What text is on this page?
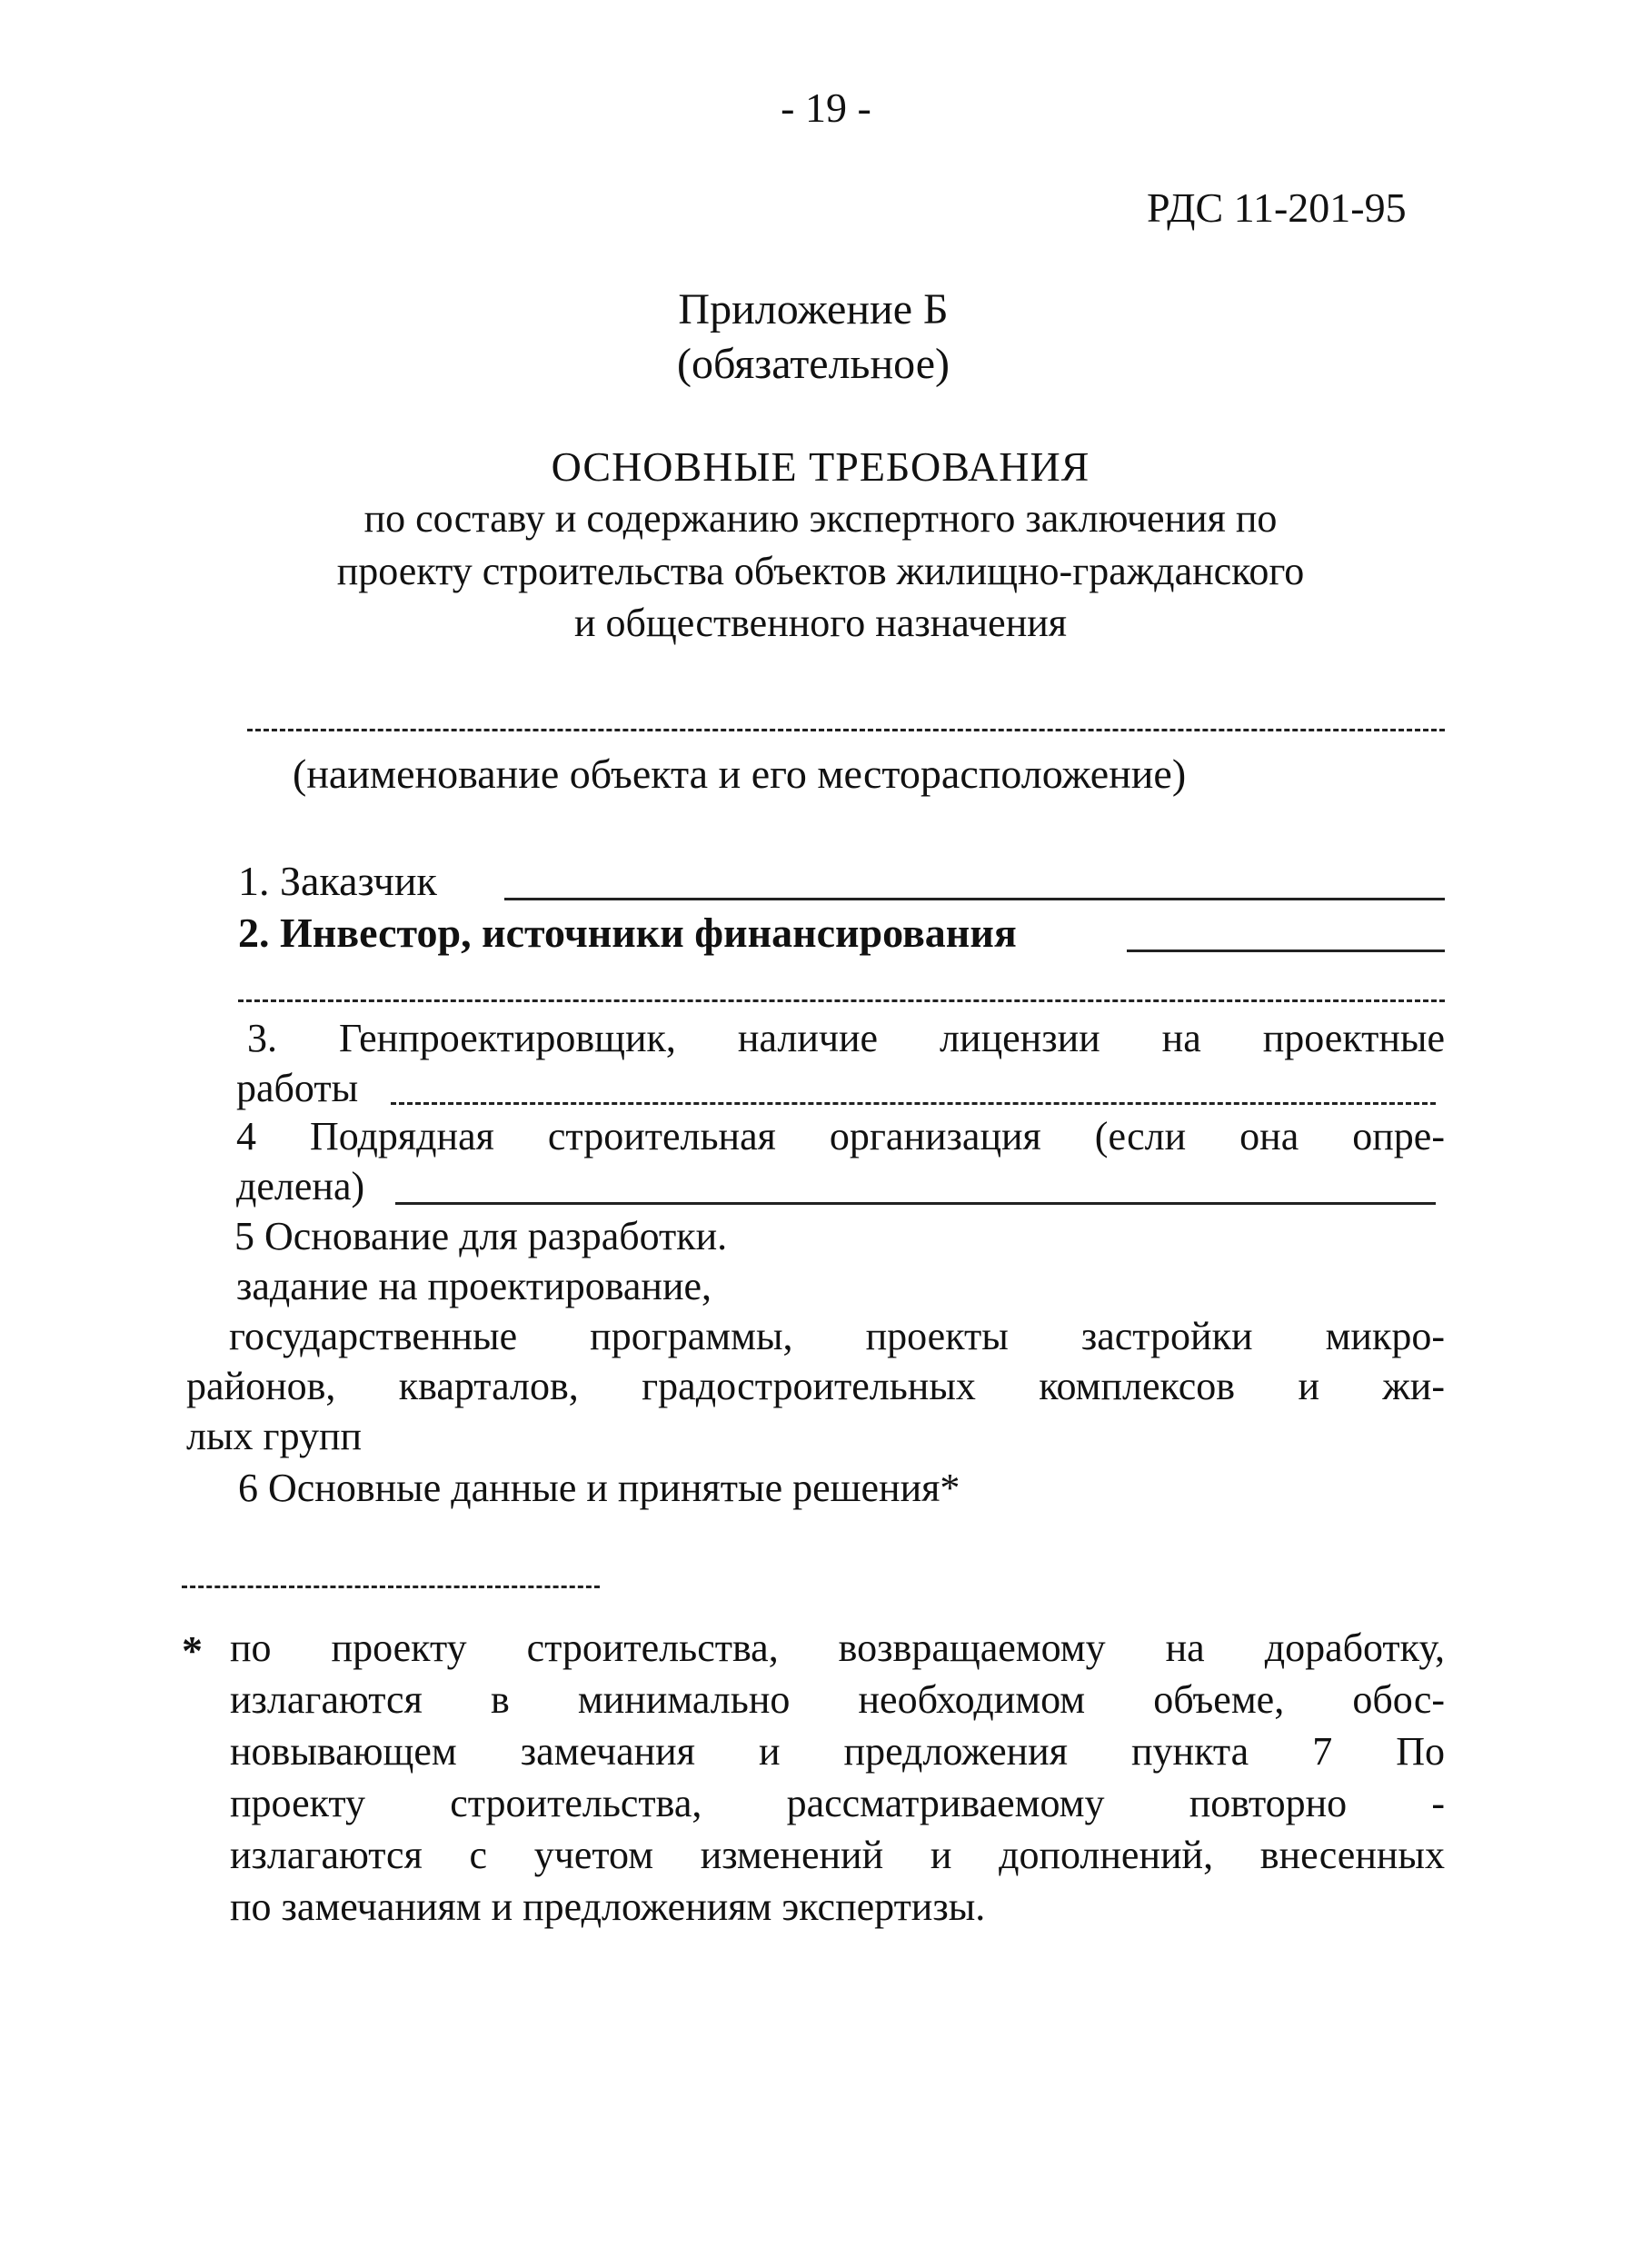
- 19 -
РДС 11-201-95
Приложение Б
(обязательное)
ОСНОВНЫЕ ТРЕБОВАНИЯ
по составу и содержанию экспертного заключения по
проекту строительства объектов жилищно-гражданского
и общественного назначения
(наименование объекта и его месторасположение)
1. Заказчик
2. Инвестор, источники финансирования
3. Генпроектировщик, наличие лицензии на проектные
работы
4 Подрядная строительная организация (если она опре-
делена)
5 Основание для разработки.
задание на проектирование,
государственные программы, проекты застройки микро-
районов, кварталов, градостроительных комплексов и жи-
лых групп
6 Основные данные и принятые решения*
* по проекту строительства, возвращаемому на доработку,
излагаются в минимально необходимом объеме, обос-
новывающем замечания и предложения пункта 7 По
проекту строительства, рассматриваемому повторно -
излагаются с учетом изменений и дополнений, внесенных
по замечаниям и предложениям экспертизы.
